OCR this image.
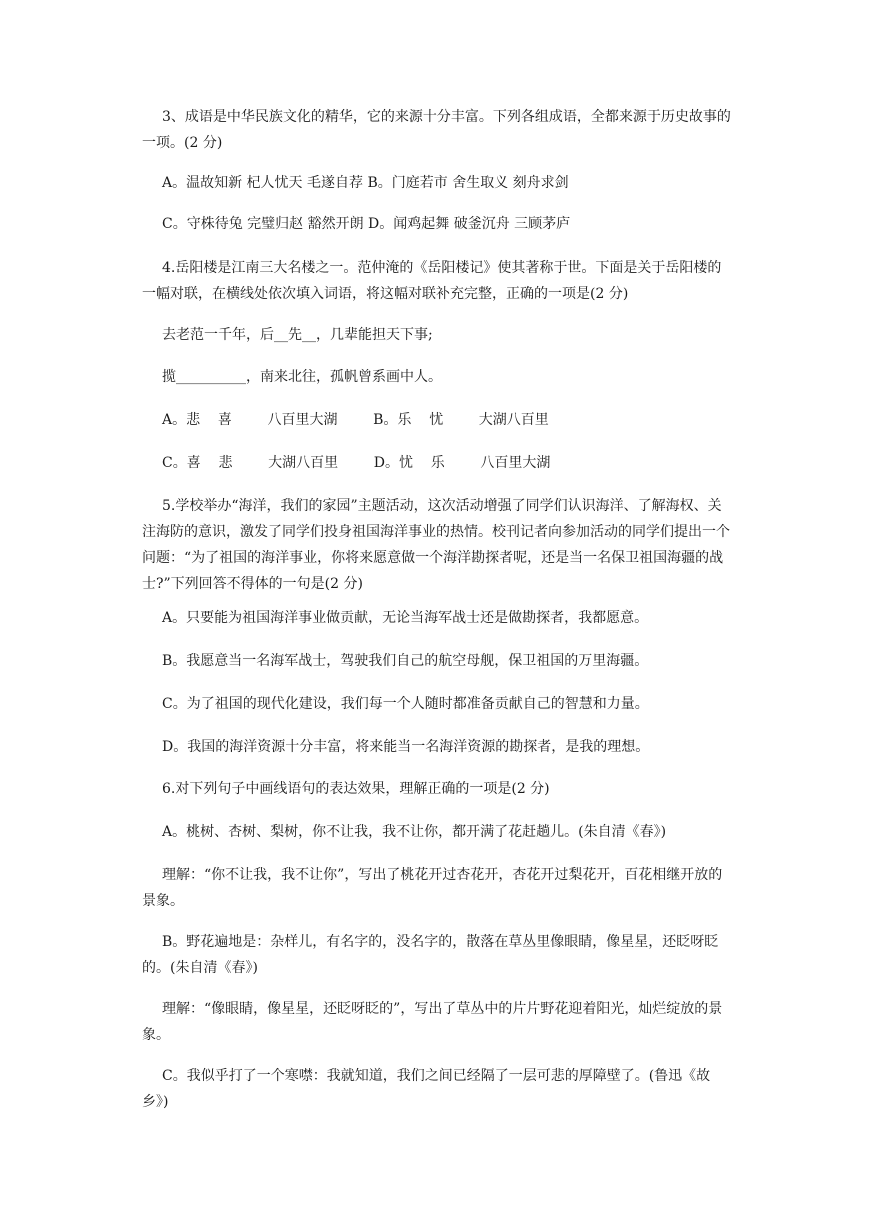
3、成语是中华民族文化的精华，它的来源十分丰富。下列各组成语，全都来源于历史故事的一项。(2 分)

A。温故知新 杞人忧天 毛遂自荐 B。门庭若市 舍生取义 刻舟求剑

C。守株待兔 完璧归赵 豁然开朗 D。闻鸡起舞 破釜沉舟 三顾茅庐

4.岳阳楼是江南三大名楼之一。范仲淹的《岳阳楼记》使其著称于世。下面是关于岳阳楼的一幅对联，在横线处依次填入词语，将这幅对联补充完整，正确的一项是(2 分)

去老范一千年，后__先__，几辈能担天下事;

揽__________，南来北往，孤帆曾系画中人。

A。悲    喜        八百里大湖        B。乐    忧        大湖八百里

C。喜    悲        大湖八百里        D。忧    乐        八百里大湖

5.学校举办“海洋，我们的家园”主题活动，这次活动增强了同学们认识海洋、了解海权、关注海防的意识，激发了同学们投身祖国海洋事业的热情。校刊记者向参加活动的同学们提出一个问题：“为了祖国的海洋事业，你将来愿意做一个海洋勘探者呢，还是当一名保卫祖国海疆的战士?”下列回答不得体的一句是(2 分)

A。只要能为祖国海洋事业做贡献，无论当海军战士还是做勘探者，我都愿意。

B。我愿意当一名海军战士，驾驶我们自己的航空母舰，保卫祖国的万里海疆。

C。为了祖国的现代化建设，我们每一个人随时都准备贡献自己的智慧和力量。

D。我国的海洋资源十分丰富，将来能当一名海洋资源的勘探者，是我的理想。

6.对下列句子中画线语句的表达效果，理解正确的一项是(2 分)

A。桃树、杏树、梨树，你不让我，我不让你，都开满了花赶趟儿。(朱自清《春》)

理解：“你不让我，我不让你”，写出了桃花开过杏花开，杏花开过梨花开，百花相继开放的景象。

B。野花遍地是：杂样儿，有名字的，没名字的，散落在草丛里像眼睛，像星星，还眨呀眨的。(朱自清《春》)

理解：“像眼睛，像星星，还眨呀眨的”，写出了草丛中的片片野花迎着阳光，灿烂绽放的景象。

C。我似乎打了一个寒噤：我就知道，我们之间已经隔了一层可悲的厚障壁了。(鲁迅《故乡》)
